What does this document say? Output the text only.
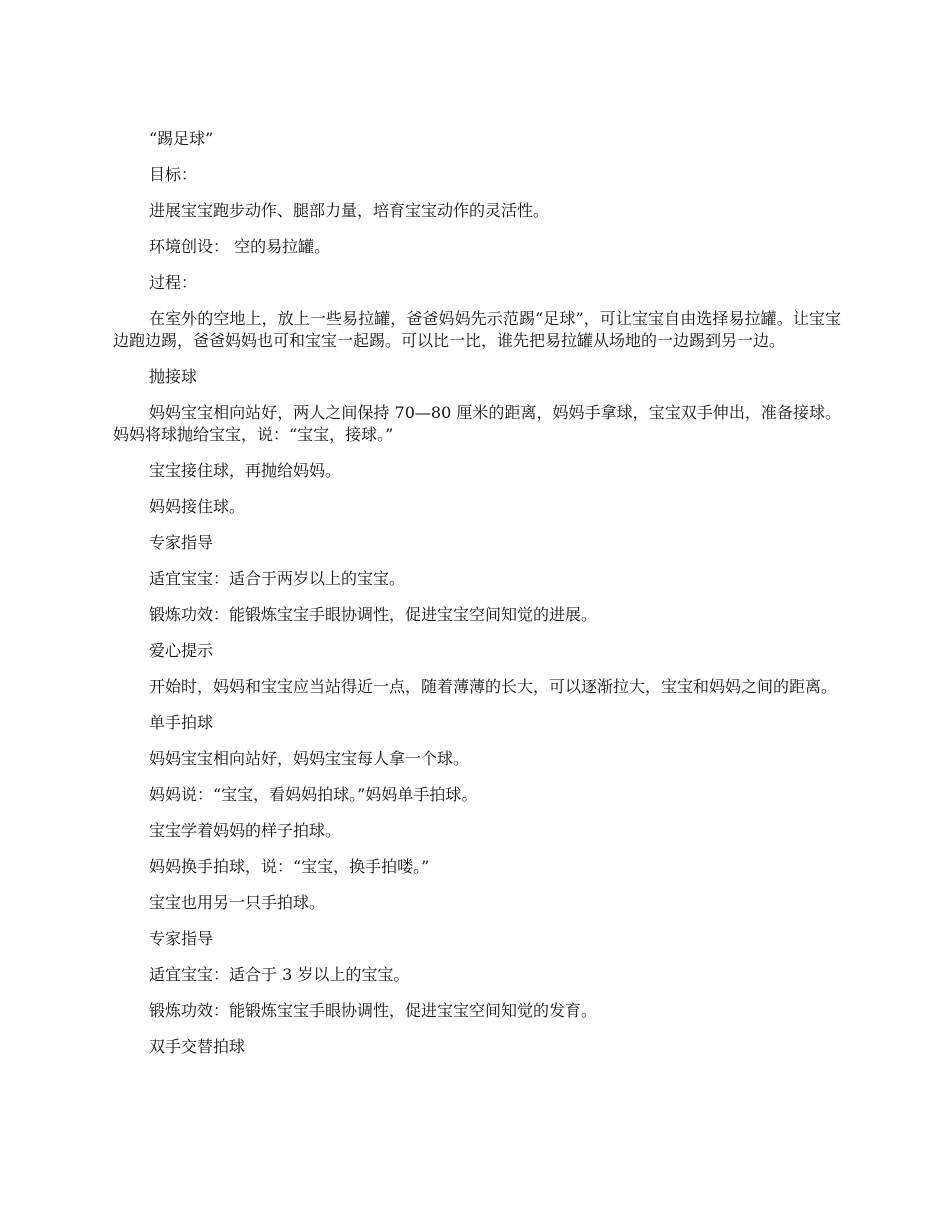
“踢足球”

目标：

进展宝宝跑步动作、腿部力量，培育宝宝动作的灵活性。

环境创设： 空的易拉罐。

过程：

在室外的空地上，放上一些易拉罐，爸爸妈妈先示范踢“足球”，可让宝宝自由选择易拉罐。让宝宝边跑边踢，爸爸妈妈也可和宝宝一起踢。可以比一比，谁先把易拉罐从场地的一边踢到另一边。

抛接球

妈妈宝宝相向站好，两人之间保持 70—80 厘米的距离，妈妈手拿球，宝宝双手伸出，准备接球。妈妈将球抛给宝宝，说：“宝宝，接球。”

宝宝接住球，再抛给妈妈。

妈妈接住球。

专家指导

适宜宝宝：适合于两岁以上的宝宝。

锻炼功效：能锻炼宝宝手眼协调性，促进宝宝空间知觉的进展。

爱心提示

开始时，妈妈和宝宝应当站得近一点，随着薄薄的长大，可以逐渐拉大，宝宝和妈妈之间的距离。

单手拍球

妈妈宝宝相向站好，妈妈宝宝每人拿一个球。

妈妈说：“宝宝，看妈妈拍球。”妈妈单手拍球。

宝宝学着妈妈的样子拍球。

妈妈换手拍球，说：“宝宝，换手拍喽。”

宝宝也用另一只手拍球。

专家指导

适宜宝宝：适合于 3 岁以上的宝宝。

锻炼功效：能锻炼宝宝手眼协调性，促进宝宝空间知觉的发育。

双手交替拍球
